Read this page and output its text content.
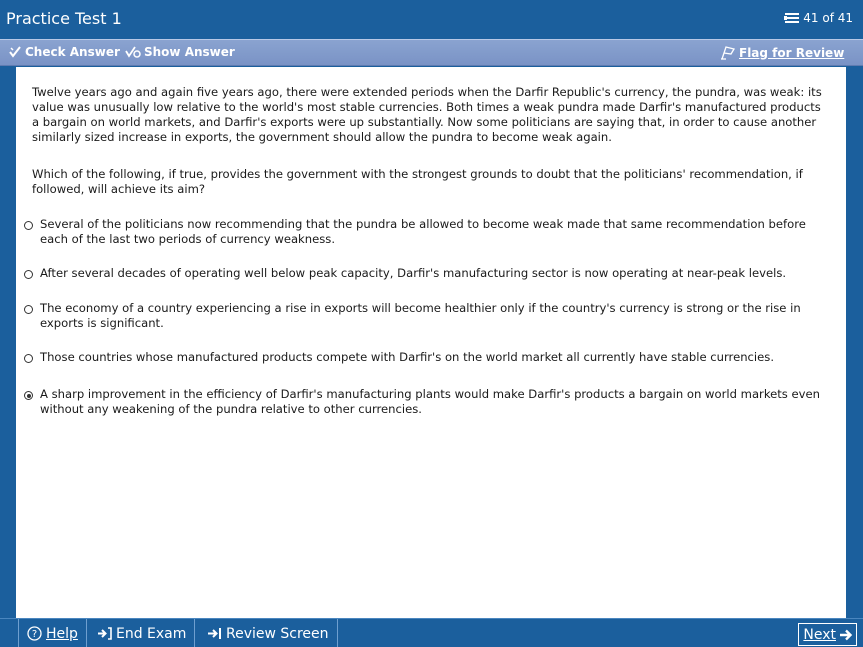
Practice Test 1	41 of 41
Check Answer Show Answer	Flag for Review
Twelve years ago and again five years ago, there were extended periods when the Darfir Republic's currency, the pundra, was weak: its value was unusually low relative to the world's most stable currencies. Both times a weak pundra made Darfir's manufactured products a bargain on world markets, and Darfir's exports were up substantially. Now some politicians are saying that, in order to cause another similarly sized increase in exports, the government should allow the pundra to become weak again.
Which of the following, if true, provides the government with the strongest grounds to doubt that the politicians' recommendation, if followed, will achieve its aim?
Several of the politicians now recommending that the pundra be allowed to become weak made that same recommendation before each of the last two periods of currency weakness.
After several decades of operating well below peak capacity, Darfir's manufacturing sector is now operating at near-peak levels.
The economy of a country experiencing a rise in exports will become healthier only if the country's currency is strong or the rise in exports is significant.
Those countries whose manufactured products compete with Darfir's on the world market all currently have stable currencies.
A sharp improvement in the efficiency of Darfir's manufacturing plants would make Darfir's products a bargain on world markets even without any weakening of the pundra relative to other currencies.
? Help	End Exam	Review Screen	Next
